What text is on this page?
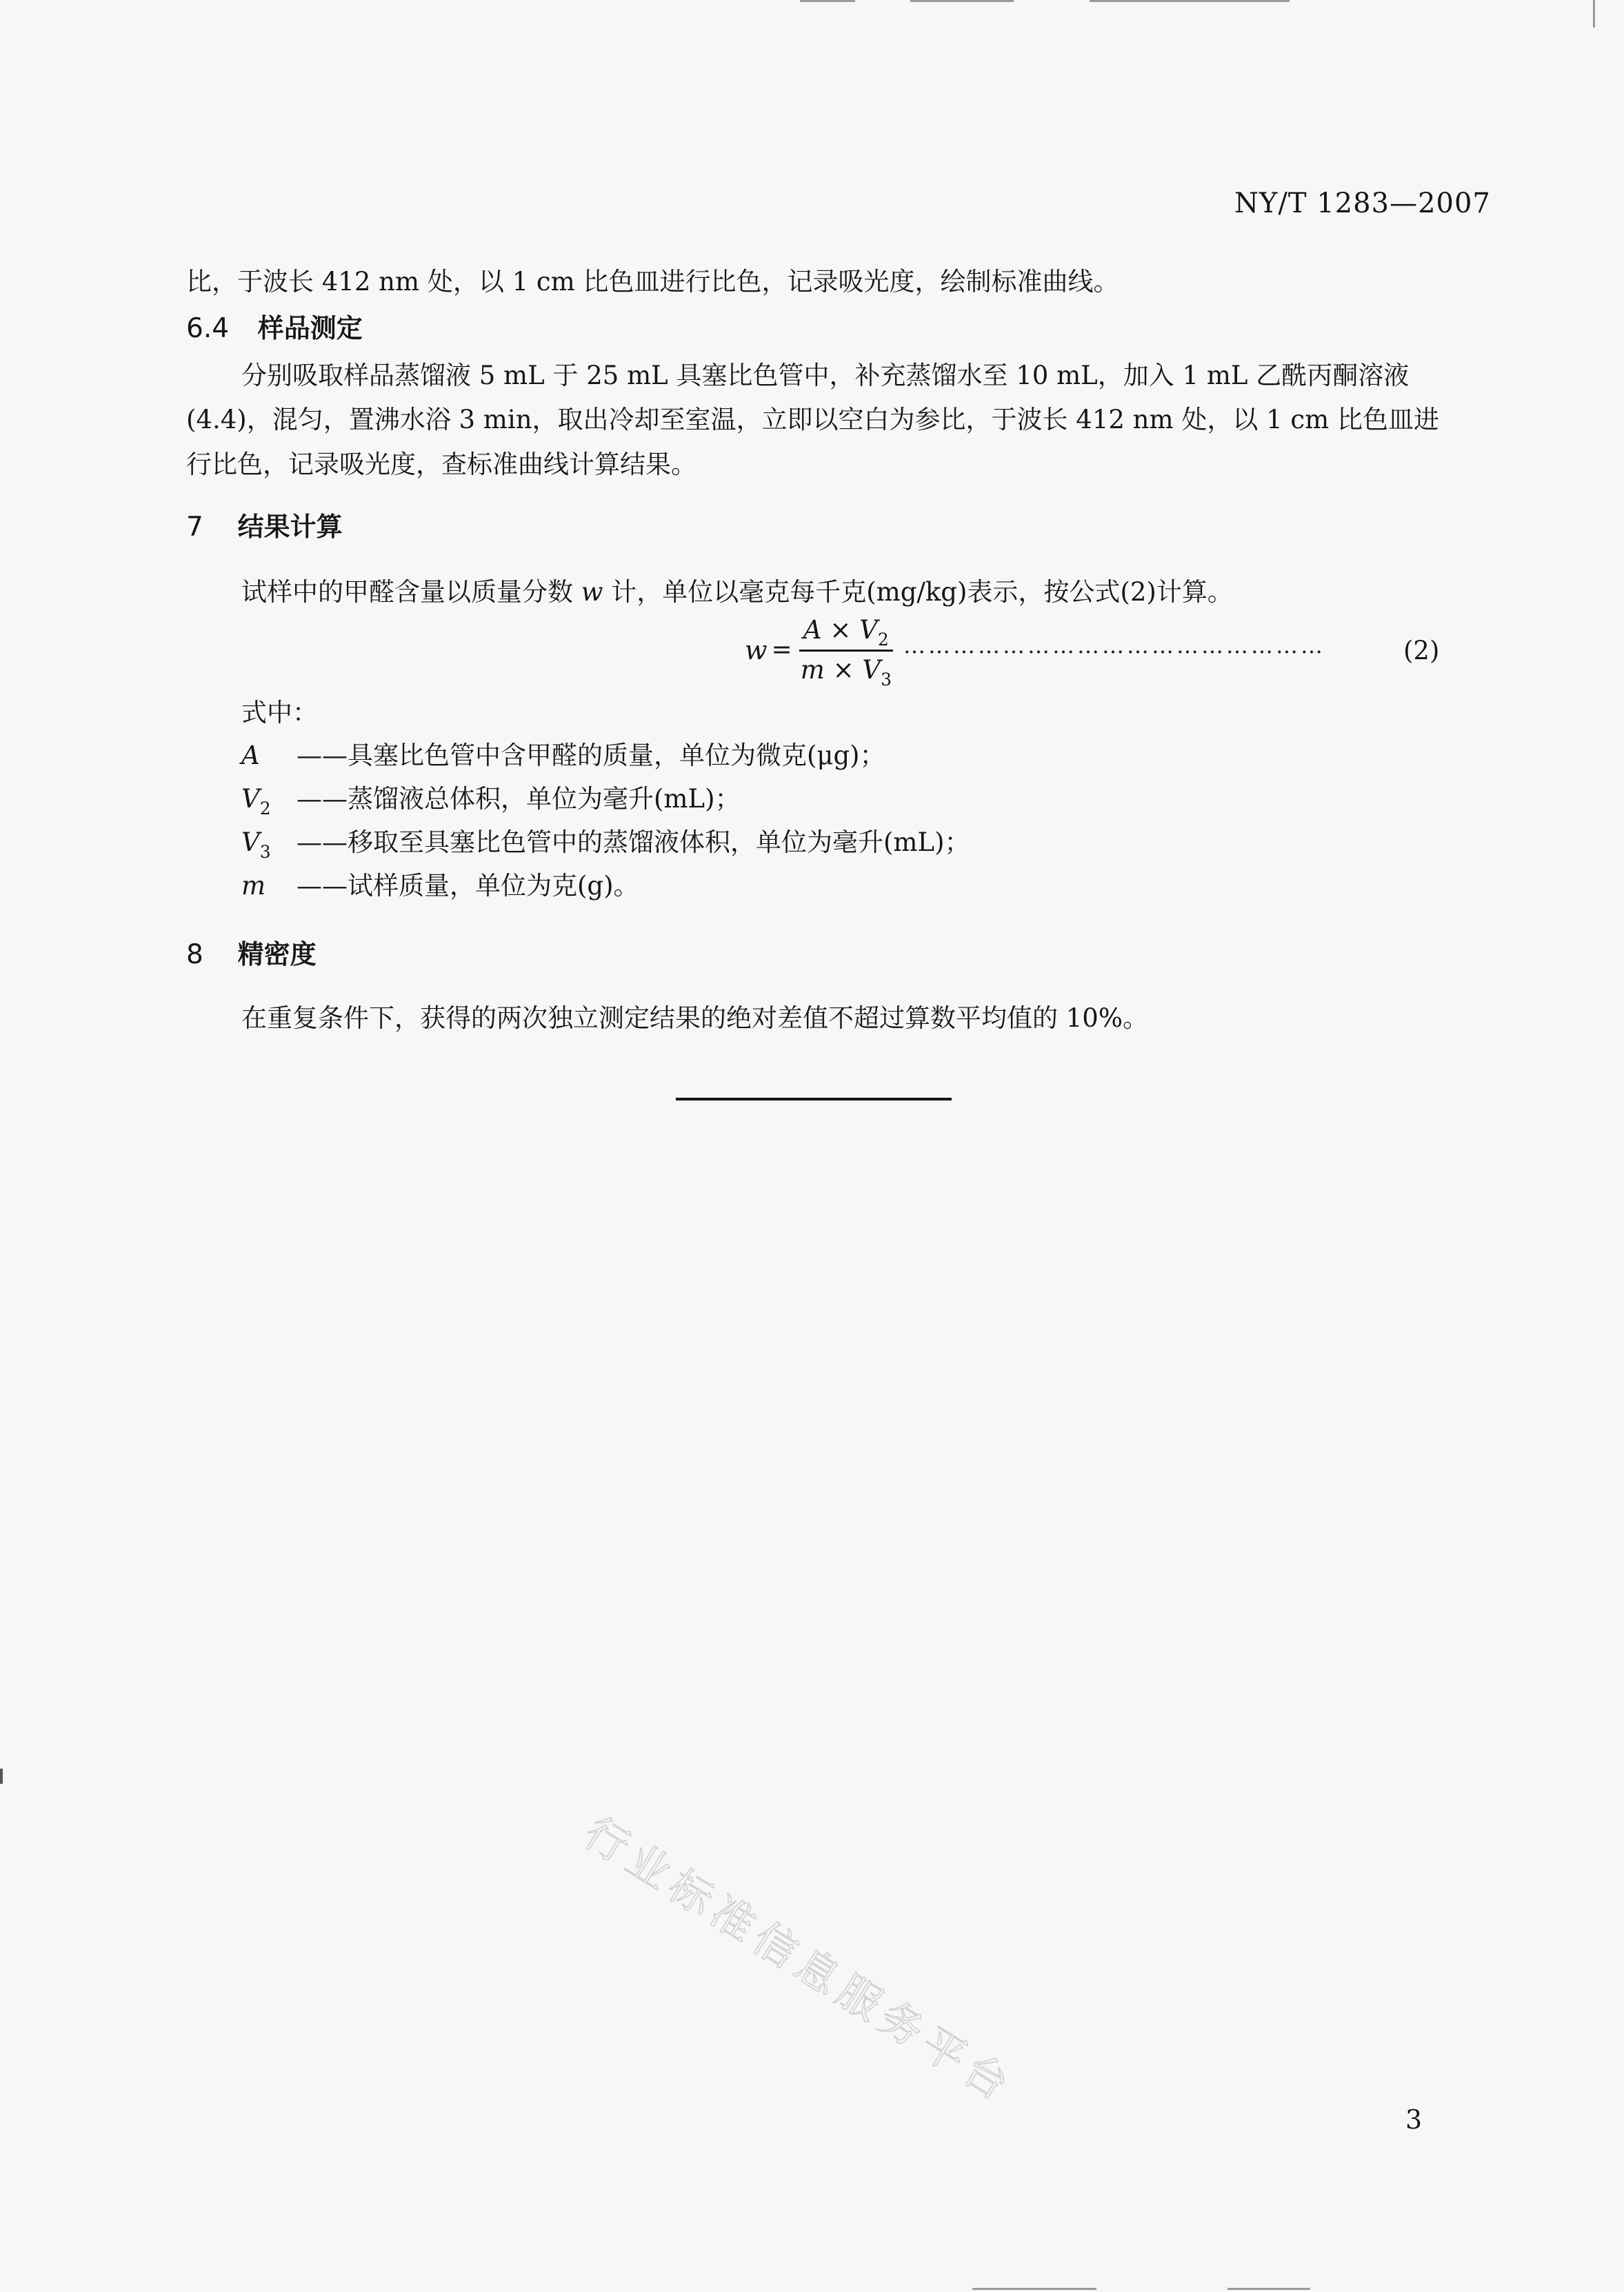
NY/T 1283—2007
比，于波长 412 nm 处，以 1 cm 比色皿进行比色，记录吸光度，绘制标准曲线。
6.4 样品测定
分别吸取样品蒸馏液 5 mL 于 25 mL 具塞比色管中，补充蒸馏水至 10 mL，加入 1 mL 乙酰丙酮溶液
(4.4)，混匀，置沸水浴 3 min，取出冷却至室温，立即以空白为参比，于波长 412 nm 处，以 1 cm 比色皿进
行比色，记录吸光度，查标准曲线计算结果。
7 结果计算
试样中的甲醛含量以质量分数 w 计，单位以毫克每千克(mg/kg)表示，按公式(2)计算。
$w = \frac{A \times V_2}{m \times V_3}$ ……………………………………………	(2)
式中：
A ——具塞比色管中含甲醛的质量，单位为微克(μg)；
$V_2$ ——蒸馏液总体积，单位为毫升(mL)；
$V_3$ ——移取至具塞比色管中的蒸馏液体积，单位为毫升(mL)；
m ——试样质量，单位为克(g)。
8 精密度
在重复条件下，获得的两次独立测定结果的绝对差值不超过算数平均值的 10%。
行业标准信息服务平台
3
